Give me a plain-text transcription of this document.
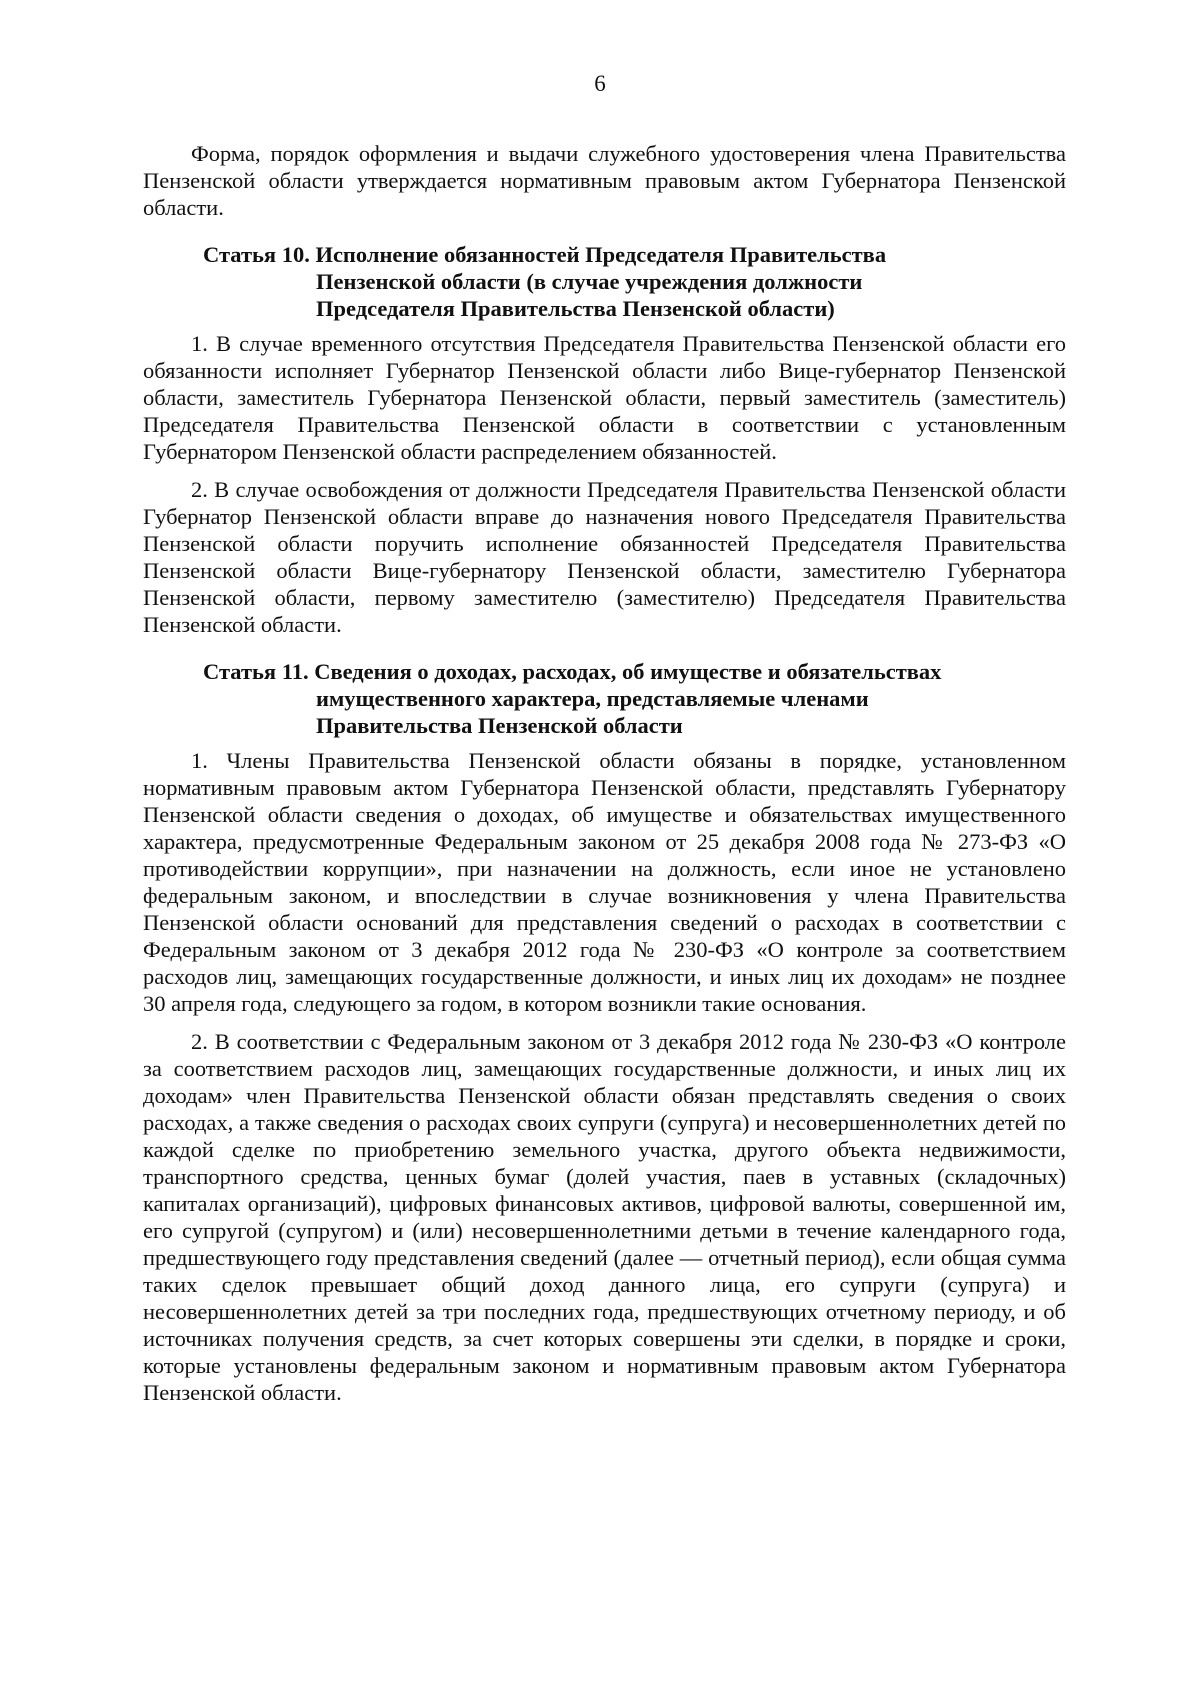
6

Форма, порядок оформления и выдачи служебного удостоверения члена Правительства Пензенской области утверждается нормативным правовым актом Губернатора Пензенской области.

Статья 10. Исполнение обязанностей Председателя Правительства
Пензенской области (в случае учреждения должности
Председателя Правительства Пензенской области)

1. В случае временного отсутствия Председателя Правительства Пензенской области его обязанности исполняет Губернатор Пензенской области либо Вице-губернатор Пензенской области, заместитель Губернатора Пензенской области, первый заместитель (заместитель) Председателя Правительства Пензенской области в соответствии с установленным Губернатором Пензенской области распределением обязанностей.

2. В случае освобождения от должности Председателя Правительства Пензенской области Губернатор Пензенской области вправе до назначения нового Председателя Правительства Пензенской области поручить исполнение обязанностей Председателя Правительства Пензенской области Вице-губернатору Пензенской области, заместителю Губернатора Пензенской области, первому заместителю (заместителю) Председателя Правительства Пензенской области.

Статья 11. Сведения о доходах, расходах, об имуществе и обязательствах
имущественного характера, представляемые членами
Правительства Пензенской области

1. Члены Правительства Пензенской области обязаны в порядке, установленном нормативным правовым актом Губернатора Пензенской области, представлять Губернатору Пензенской области сведения о доходах, об имуществе и обязательствах имущественного характера, предусмотренные Федеральным законом от 25 декабря 2008 года № 273-ФЗ «О противодействии коррупции», при назначении на должность, если иное не установлено федеральным законом, и впоследствии в случае возникновения у члена Правительства Пензенской области оснований для представления сведений о расходах в соответствии с Федеральным законом от 3 декабря 2012 года № 230-ФЗ «О контроле за соответствием расходов лиц, замещающих государственные должности, и иных лиц их доходам» не позднее 30 апреля года, следующего за годом, в котором возникли такие основания.

2. В соответствии с Федеральным законом от 3 декабря 2012 года № 230-ФЗ «О контроле за соответствием расходов лиц, замещающих государственные должности, и иных лиц их доходам» член Правительства Пензенской области обязан представлять сведения о своих расходах, а также сведения о расходах своих супруги (супруга) и несовершеннолетних детей по каждой сделке по приобретению земельного участка, другого объекта недвижимости, транспортного средства, ценных бумаг (долей участия, паев в уставных (складочных) капиталах организаций), цифровых финансовых активов, цифровой валюты, совершенной им, его супругой (супругом) и (или) несовершеннолетними детьми в течение календарного года, предшествующего году представления сведений (далее — отчетный период), если общая сумма таких сделок превышает общий доход данного лица, его супруги (супруга) и несовершеннолетних детей за три последних года, предшествующих отчетному периоду, и об источниках получения средств, за счет которых совершены эти сделки, в порядке и сроки, которые установлены федеральным законом и нормативным правовым актом Губернатора Пензенской области.
